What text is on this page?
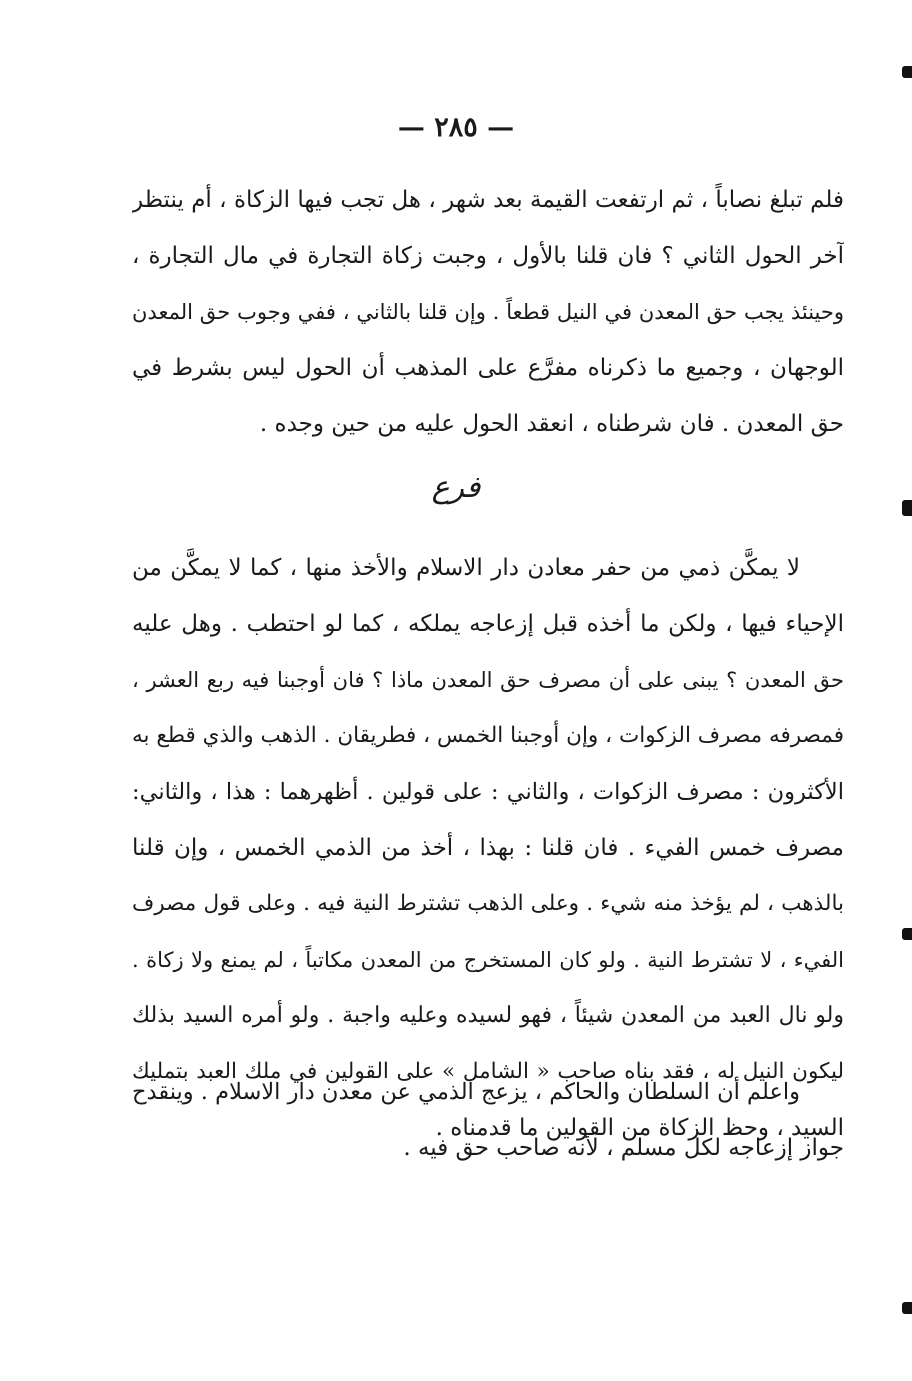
— ٢٨٥ —
فلم تبلغ نصاباً ، ثم ارتفعت القيمة بعد شهر ، هل تجب فيها الزكاة ، أم ينتظر
آخر الحول الثاني ؟ فان قلنا بالأول ، وجبت زكاة التجارة في مال التجارة ،
وحينئذ يجب حق المعدن في النيل قطعاً . وإن قلنا بالثاني ، ففي وجوب حق المعدن
الوجهان ، وجميع ما ذكرناه مفرَّع على المذهب أن الحول ليس بشرط في
حق المعدن . فان شرطناه ، انعقد الحول عليه من حين وجده .
فرع
لا يمكَّن ذمي من حفر معادن دار الاسلام والأخذ منها ، كما لا يمكَّن من
الإحياء فيها ، ولكن ما أخذه قبل إزعاجه يملكه ، كما لو احتطب . وهل عليه
حق المعدن ؟ يبنى على أن مصرف حق المعدن ماذا ؟ فان أوجبنا فيه ربع العشر ،
فمصرفه مصرف الزكوات ، وإن أوجبنا الخمس ، فطريقان . الذهب والذي قطع به
الأكثرون : مصرف الزكوات ، والثاني : على قولين . أظهرهما : هذا ، والثاني:
مصرف خمس الفيء . فان قلنا : بهذا ، أخذ من الذمي الخمس ، وإن قلنا
بالذهب ، لم يؤخذ منه شيء . وعلى الذهب تشترط النية فيه . وعلى قول مصرف
الفيء ، لا تشترط النية . ولو كان المستخرج من المعدن مكاتباً ، لم يمنع ولا زكاة .
ولو نال العبد من المعدن شيئاً ، فهو لسيده وعليه واجبة . ولو أمره السيد بذلك
ليكون النيل له ، فقد بناه صاحب « الشامل » على القولين في ملك العبد بتمليك
السيد ، وحظ الزكاة من القولين ما قدمناه .
واعلم أن السلطان والحاكم ، يزعج الذمي عن معدن دار الاسلام . وينقدح
جواز إزعاجه لكل مسلم ، لأنه صاحب حق فيه .
